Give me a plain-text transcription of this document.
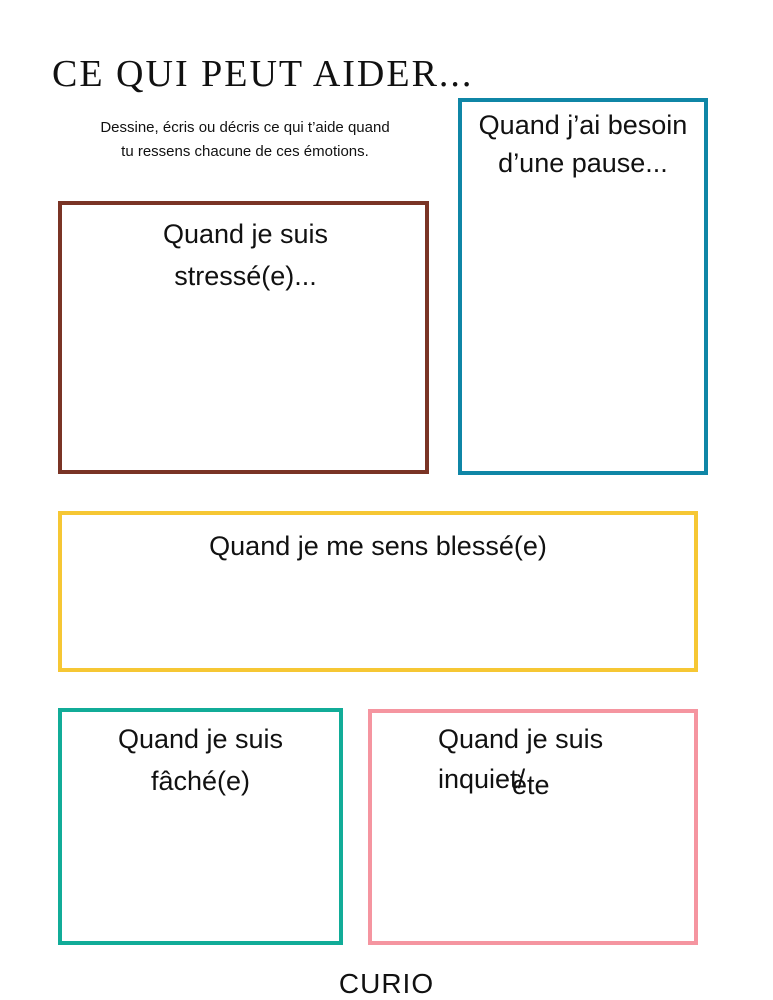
CE QUI PEUT AIDER...
Dessine, écris ou décris ce qui t’aide quand
tu ressens chacune de ces émotions.
Quand je suis
stressé(e)...
Quand j’ai besoin
d’une pause...
Quand je me sens blessé(e)
Quand je suis
fâché(e)
Quand je suis
inquiet/
ète
CURIO
